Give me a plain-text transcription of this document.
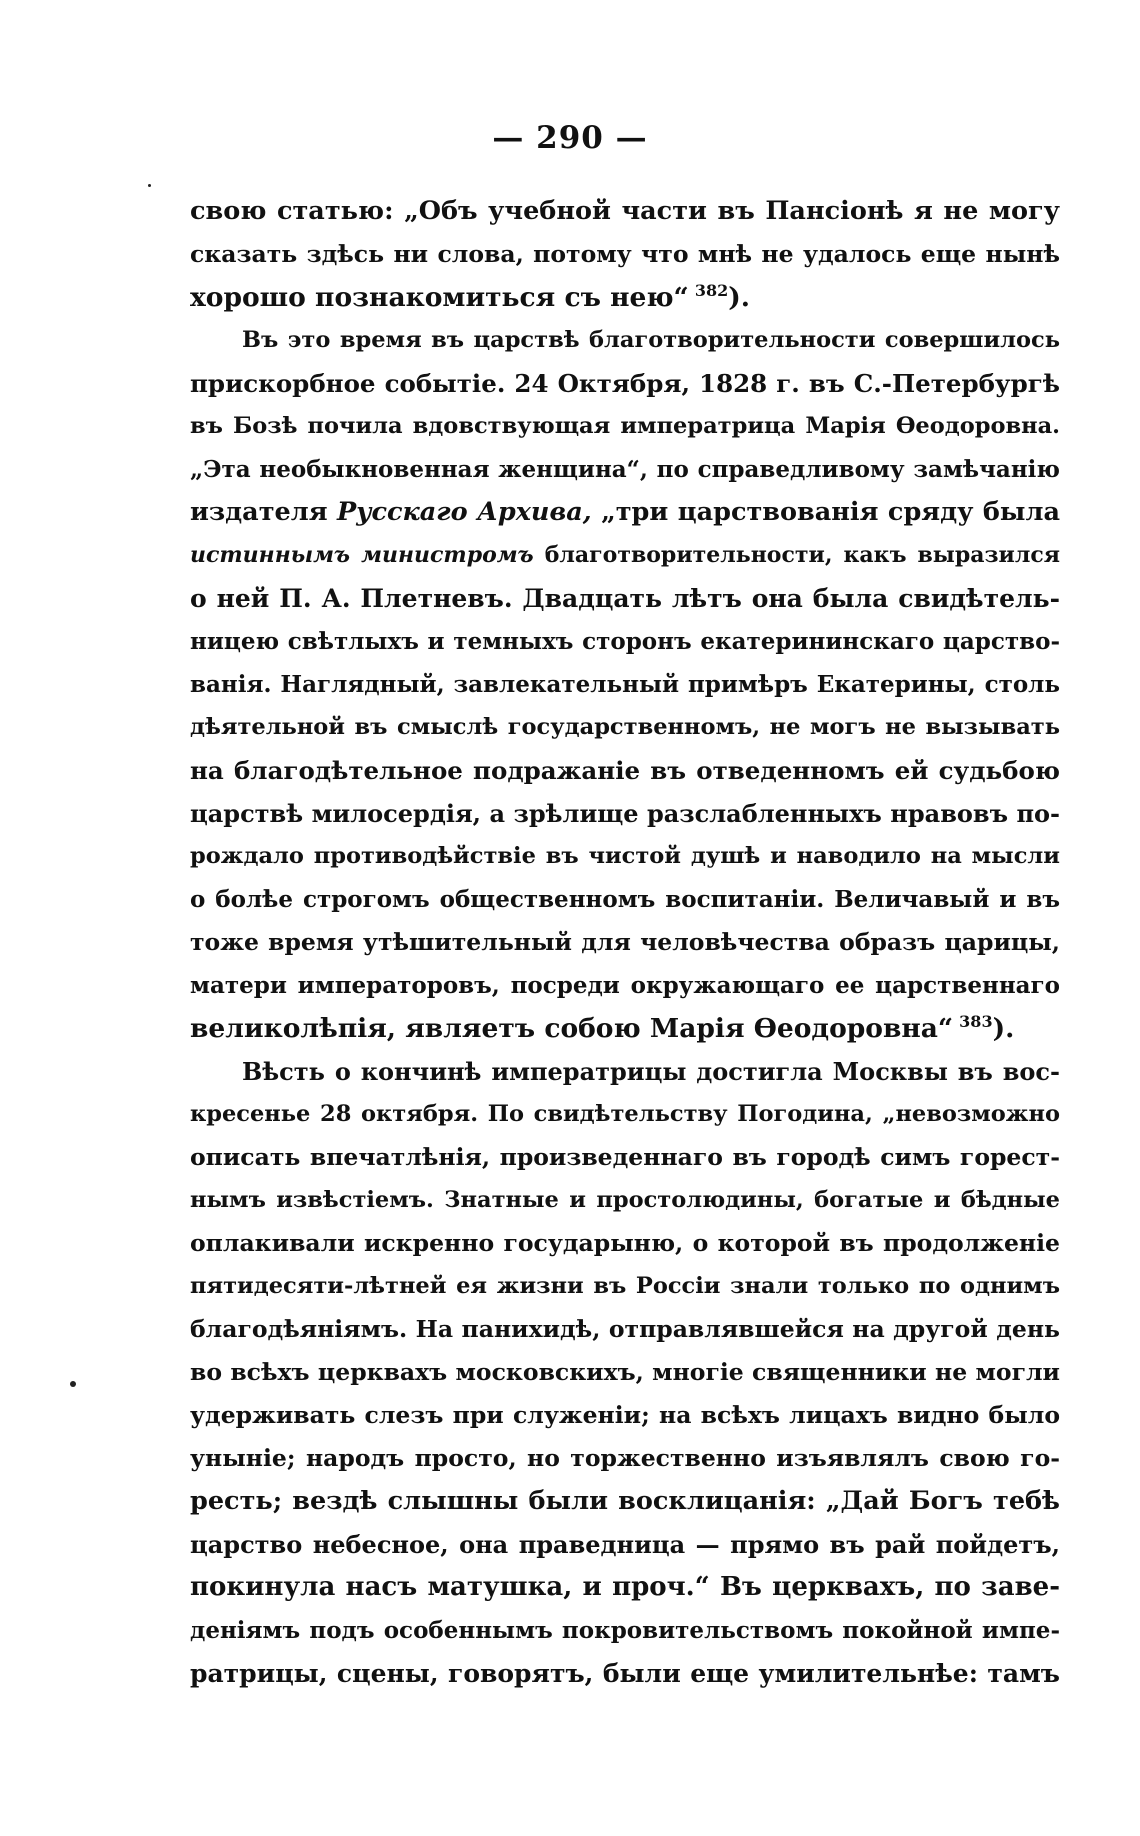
— 290 —
свою статью: „Объ учебной части въ Пансіонѣ я не могу
сказать здѣсь ни слова, потому что мнѣ не удалось еще нынѣ
хорошо познакомиться съ нею“ $^{382}$).
Въ это время въ царствѣ благотворительности совершилось
прискорбное событіе. 24 Октября, 1828 г. въ С.-Петербургѣ
въ Бозѣ почила вдовствующая императрица Марія Өеодоровна.
„Эта необыкновенная женщина“, по справедливому замѣчанію
издателя Русскаго Архива, „три царствованія сряду была
истиннымъ министромъ благотворительности, какъ выразился
о ней П. А. Плетневъ. Двадцать лѣтъ она была свидѣтель-
ницею свѣтлыхъ и темныхъ сторонъ екатерининскаго царство-
ванія. Наглядный, завлекательный примѣръ Екатерины, столь
дѣятельной въ смыслѣ государственномъ, не могъ не вызывать
на благодѣтельное подражаніе въ отведенномъ ей судьбою
царствѣ милосердія, а зрѣлище разслабленныхъ нравовъ по-
рождало противодѣйствіе въ чистой душѣ и наводило на мысли
о болѣе строгомъ общественномъ воспитаніи. Величавый и въ
тоже время утѣшительный для человѣчества образъ царицы,
матери императоровъ, посреди окружающаго ее царственнаго
великолѣпія, являетъ собою Марія Өеодоровна“ $^{383}$).
Вѣсть о кончинѣ императрицы достигла Москвы въ вос-
кресенье 28 октября. По свидѣтельству Погодина, „невозможно
описать впечатлѣнія, произведеннаго въ городѣ симъ горест-
нымъ извѣстіемъ. Знатные и простолюдины, богатые и бѣдные
оплакивали искренно государыню, о которой въ продолженіе
пятидесяти-лѣтней ея жизни въ Россіи знали только по однимъ
благодѣяніямъ. На панихидѣ, отправлявшейся на другой день
во всѣхъ церквахъ московскихъ, многіе священники не могли
удерживать слезъ при служеніи; на всѣхъ лицахъ видно было
уныніе; народъ просто, но торжественно изъявлялъ свою го-
ресть; вездѣ слышны были восклицанія: „Дай Богъ тебѣ
царство небесное, она праведница — прямо въ рай пойдетъ,
покинула насъ матушка, и проч.“ Въ церквахъ, по заве-
деніямъ подъ особеннымъ покровительствомъ покойной импе-
ратрицы, сцены, говорятъ, были еще умилительнѣе: тамъ
